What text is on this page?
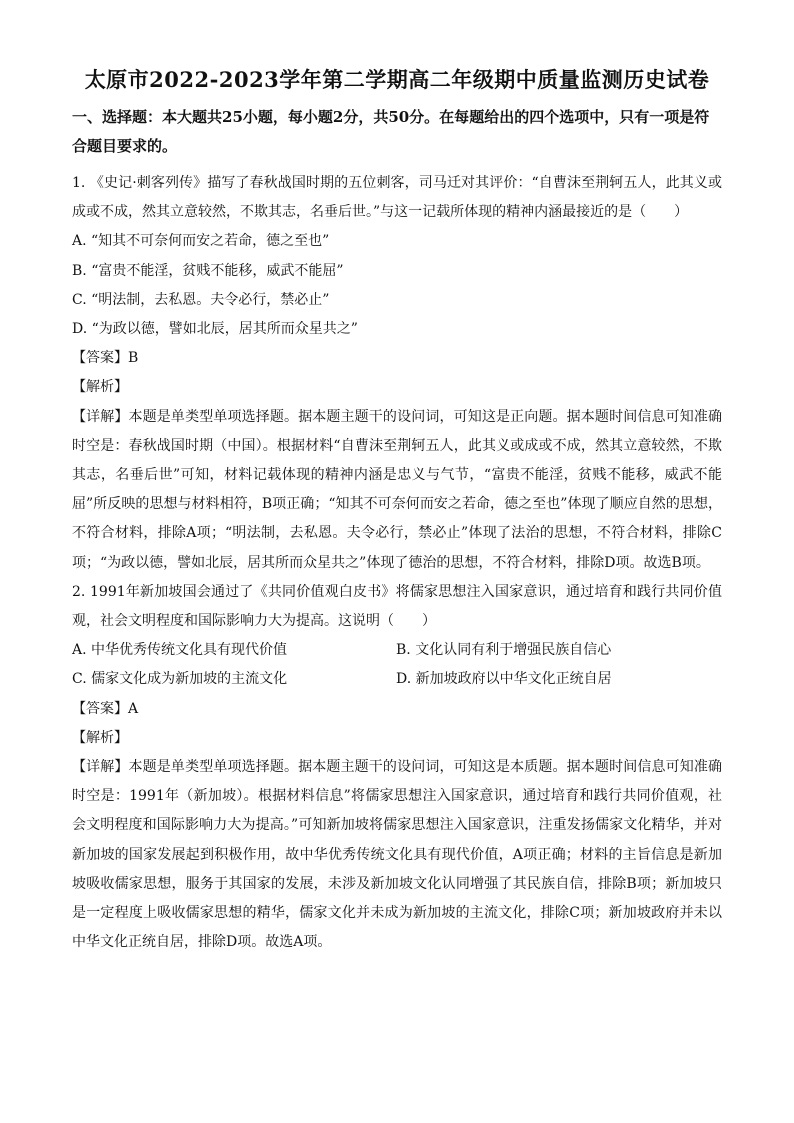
太原市2022-2023学年第二学期高二年级期中质量监测历史试卷
一、选择题：本大题共25小题，每小题2分，共50分。在每题给出的四个选项中，只有一项是符合题目要求的。

1. 《史记·刺客列传》描写了春秋战国时期的五位刺客，司马迁对其评价：“自曹沫至荆轲五人，此其义或成或不成，然其立意较然，不欺其志，名垂后世。”与这一记载所体现的精神内涵最接近的是（　　）

A. “知其不可奈何而安之若命，德之至也”

B. “富贵不能淫，贫贱不能移，威武不能屈”

C. “明法制，去私恩。夫令必行，禁必止”

D. “为政以德，譬如北辰，居其所而众星共之”

【答案】B

【解析】

【详解】本题是单类型单项选择题。据本题主题干的设问词，可知这是正向题。据本题时间信息可知准确时空是：春秋战国时期（中国）。根据材料“自曹沫至荆轲五人，此其义或成或不成，然其立意较然，不欺其志，名垂后世”可知，材料记载体现的精神内涵是忠义与气节，“富贵不能淫，贫贱不能移，威武不能屈”所反映的思想与材料相符，B项正确；“知其不可奈何而安之若命，德之至也”体现了顺应自然的思想，不符合材料，排除A项；“明法制，去私恩。夫令必行，禁必止”体现了法治的思想，不符合材料，排除C项；“为政以德，譬如北辰，居其所而众星共之”体现了德治的思想，不符合材料，排除D项。故选B项。

2. 1991年新加坡国会通过了《共同价值观白皮书》将儒家思想注入国家意识，通过培育和践行共同价值观，社会文明程度和国际影响力大为提高。这说明（　　）

A. 中华优秀传统文化具有现代价值	B. 文化认同有利于增强民族自信心
C. 儒家文化成为新加坡的主流文化	D. 新加坡政府以中华文化正统自居

【答案】A

【解析】

【详解】本题是单类型单项选择题。据本题主题干的设问词，可知这是本质题。据本题时间信息可知准确时空是：1991年（新加坡）。根据材料信息”将儒家思想注入国家意识，通过培育和践行共同价值观，社会文明程度和国际影响力大为提高。”可知新加坡将儒家思想注入国家意识，注重发扬儒家文化精华，并对新加坡的国家发展起到积极作用，故中华优秀传统文化具有现代价值，A项正确；材料的主旨信息是新加坡吸收儒家思想，服务于其国家的发展，未涉及新加坡文化认同增强了其民族自信，排除B项；新加坡只是一定程度上吸收儒家思想的精华，儒家文化并未成为新加坡的主流文化，排除C项；新加坡政府并未以中华文化正统自居，排除D项。故选A项。
